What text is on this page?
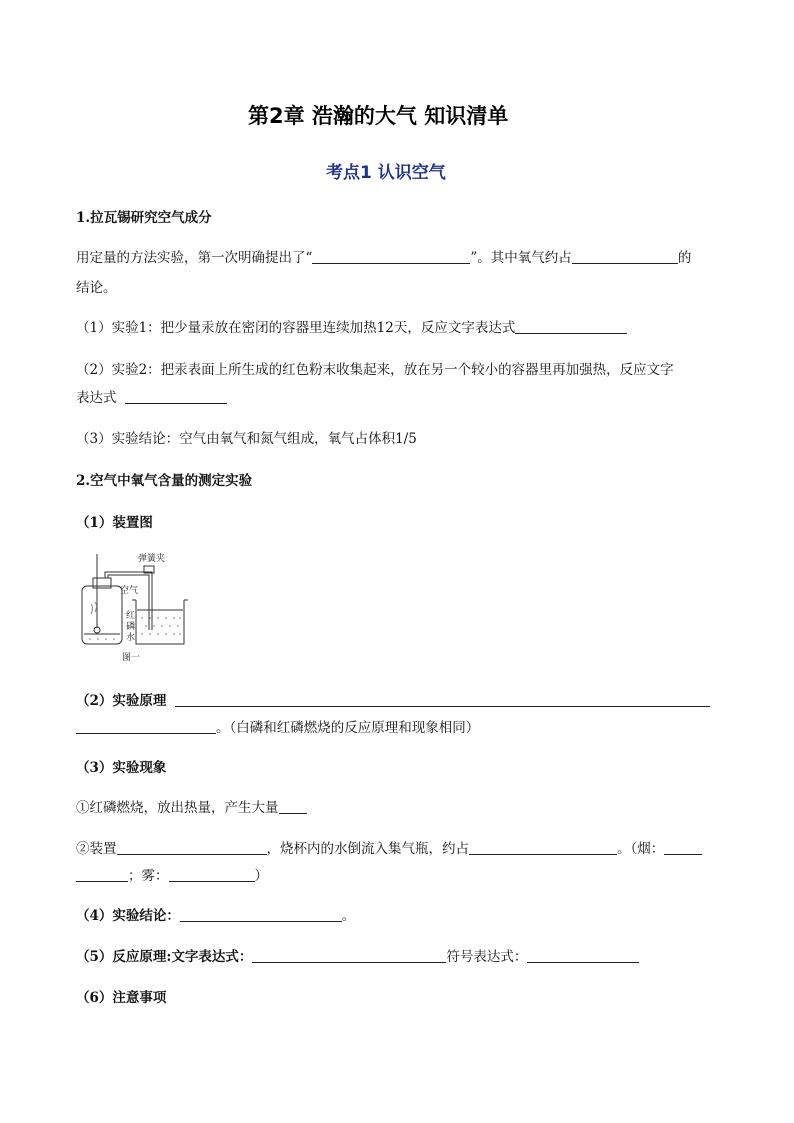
第2章 浩瀚的大气 知识清单
考点1 认识空气
1.拉瓦锡研究空气成分
用定量的方法实验，第一次明确提出了“	”。其中氧气约占	的
结论。
（1）实验1：把少量汞放在密闭的容器里连续加热12天，反应文字表达式
（2）实验2：把汞表面上所生成的红色粉末收集起来，放在另一个较小的容器里再加强热，反应文字
表达式
（3）实验结论：空气由氧气和氮气组成，氧气占体积1/5
2.空气中氧气含量的测定实验
（1）装置图
弹簧夹
空气
红
磷
水
图一
（2）实验原理
。（白磷和红磷燃烧的反应原理和现象相同）
（3）实验现象
①红磷燃烧，放出热量，产生大量
②装置	，烧杯内的水倒流入集气瓶，约占	。（烟：
；雾：	）
（4）实验结论：	。
（5）反应原理:文字表达式：	符号表达式：
（6）注意事项
